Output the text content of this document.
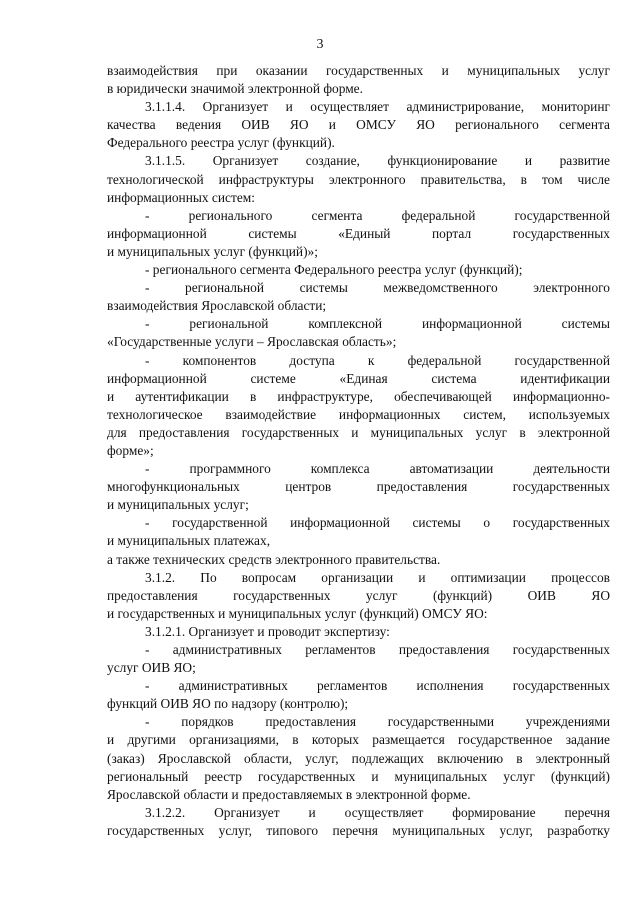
3
взаимодействия при оказании государственных и муниципальных услуг
в юридически значимой электронной форме.
3.1.1.4. Организует и осуществляет администрирование, мониторинг
качества ведения ОИВ ЯО и ОМСУ ЯО регионального сегмента
Федерального реестра услуг (функций).
3.1.1.5. Организует создание, функционирование и развитие
технологической инфраструктуры электронного правительства, в том числе
информационных систем:
- регионального сегмента федеральной государственной
информационной системы «Единый портал государственных
и муниципальных услуг (функций)»;
- регионального сегмента Федерального реестра услуг (функций);
- региональной системы межведомственного электронного
взаимодействия Ярославской области;
- региональной комплексной информационной системы
«Государственные услуги – Ярославская область»;
- компонентов доступа к федеральной государственной
информационной системе «Единая система идентификации
и аутентификации в инфраструктуре, обеспечивающей информационно-
технологическое взаимодействие информационных систем, используемых
для предоставления государственных и муниципальных услуг в электронной
форме»;
- программного комплекса автоматизации деятельности
многофункциональных центров предоставления государственных
и муниципальных услуг;
- государственной информационной системы о государственных
и муниципальных платежах,
а также технических средств электронного правительства.
3.1.2. По вопросам организации и оптимизации процессов
предоставления государственных услуг (функций) ОИВ ЯО
и государственных и муниципальных услуг (функций) ОМСУ ЯО:
3.1.2.1. Организует и проводит экспертизу:
- административных регламентов предоставления государственных
услуг ОИВ ЯО;
- административных регламентов исполнения государственных
функций ОИВ ЯО по надзору (контролю);
- порядков предоставления государственными учреждениями
и другими организациями, в которых размещается государственное задание
(заказ) Ярославской области, услуг, подлежащих включению в электронный
региональный реестр государственных и муниципальных услуг (функций)
Ярославской области и предоставляемых в электронной форме.
3.1.2.2. Организует и осуществляет формирование перечня
государственных услуг, типового перечня муниципальных услуг, разработку
